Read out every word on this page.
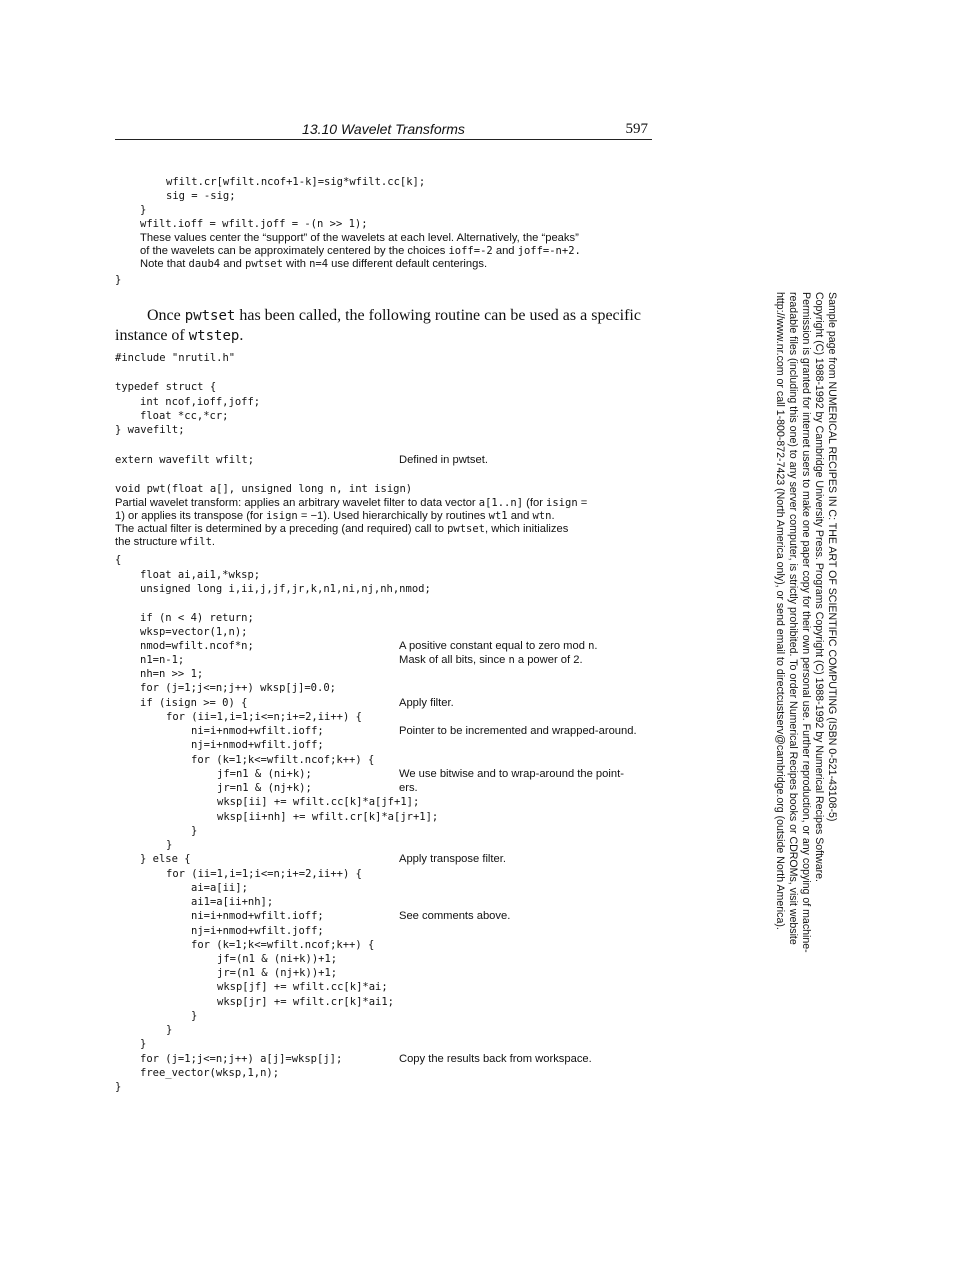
13.10 Wavelet Transforms	597
wfilt.cr[wfilt.ncof+1-k]=sig*wfilt.cc[k];
sig = -sig;
}
wfilt.ioff = wfilt.joff = -(n >> 1);
These values center the “support” of the wavelets at each level. Alternatively, the “peaks”
of the wavelets can be approximately centered by the choices ioff=-2 and joff=-n+2.
Note that daub4 and pwtset with n=4 use different default centerings.
}
Once pwtset has been called, the following routine can be used as a specific
instance of wtstep.
#include "nrutil.h"
typedef struct {
int ncof,ioff,joff;
float *cc,*cr;
} wavefilt;
extern wavefilt wfilt;	Defined in pwtset.
void pwt(float a[], unsigned long n, int isign)
Partial wavelet transform: applies an arbitrary wavelet filter to data vector a[1..n] (for isign =
1) or applies its transpose (for isign = −1). Used hierarchically by routines wt1 and wtn.
The actual filter is determined by a preceding (and required) call to pwtset, which initializes
the structure wfilt.
{
float ai,ai1,*wksp;
unsigned long i,ii,j,jf,jr,k,n1,ni,nj,nh,nmod;
if (n < 4) return;
wksp=vector(1,n);
nmod=wfilt.ncof*n;
n1=n-1;
nh=n >> 1;
for (j=1;j<=n;j++) wksp[j]=0.0;
if (isign >= 0) {
for (ii=1,i=1;i<=n;i+=2,ii++) {
ni=i+nmod+wfilt.ioff;
nj=i+nmod+wfilt.joff;
for (k=1;k<=wfilt.ncof;k++) {
jf=n1 & (ni+k);
jr=n1 & (nj+k);
wksp[ii] += wfilt.cc[k]*a[jf+1];
wksp[ii+nh] += wfilt.cr[k]*a[jr+1];
}
}
} else {
for (ii=1,i=1;i<=n;i+=2,ii++) {
ai=a[ii];
ai1=a[ii+nh];
ni=i+nmod+wfilt.ioff;
nj=i+nmod+wfilt.joff;
for (k=1;k<=wfilt.ncof;k++) {
jf=(n1 & (ni+k))+1;
jr=(n1 & (nj+k))+1;
wksp[jf] += wfilt.cc[k]*ai;
wksp[jr] += wfilt.cr[k]*ai1;
}
}
}
for (j=1;j<=n;j++) a[j]=wksp[j];
free_vector(wksp,1,n);
}
A positive constant equal to zero mod n.
Mask of all bits, since n a power of 2.
Apply filter.
Pointer to be incremented and wrapped-around.
We use bitwise and to wrap-around the point-
ers.
Apply transpose filter.
See comments above.
Copy the results back from workspace.
Sample page from NUMERICAL RECIPES IN C: THE ART OF SCIENTIFIC COMPUTING (ISBN 0-521-43108-5)
Copyright (C) 1988-1992 by Cambridge University Press. Programs Copyright (C) 1988-1992 by Numerical Recipes Software.
Permission is granted for internet users to make one paper copy for their own personal use. Further reproduction, or any copying of machine-
readable files (including this one) to any server computer, is strictly prohibited. To order Numerical Recipes books or CDROMs, visit website
http://www.nr.com or call 1-800-872-7423 (North America only), or send email to directcustserv@cambridge.org (outside North America).
